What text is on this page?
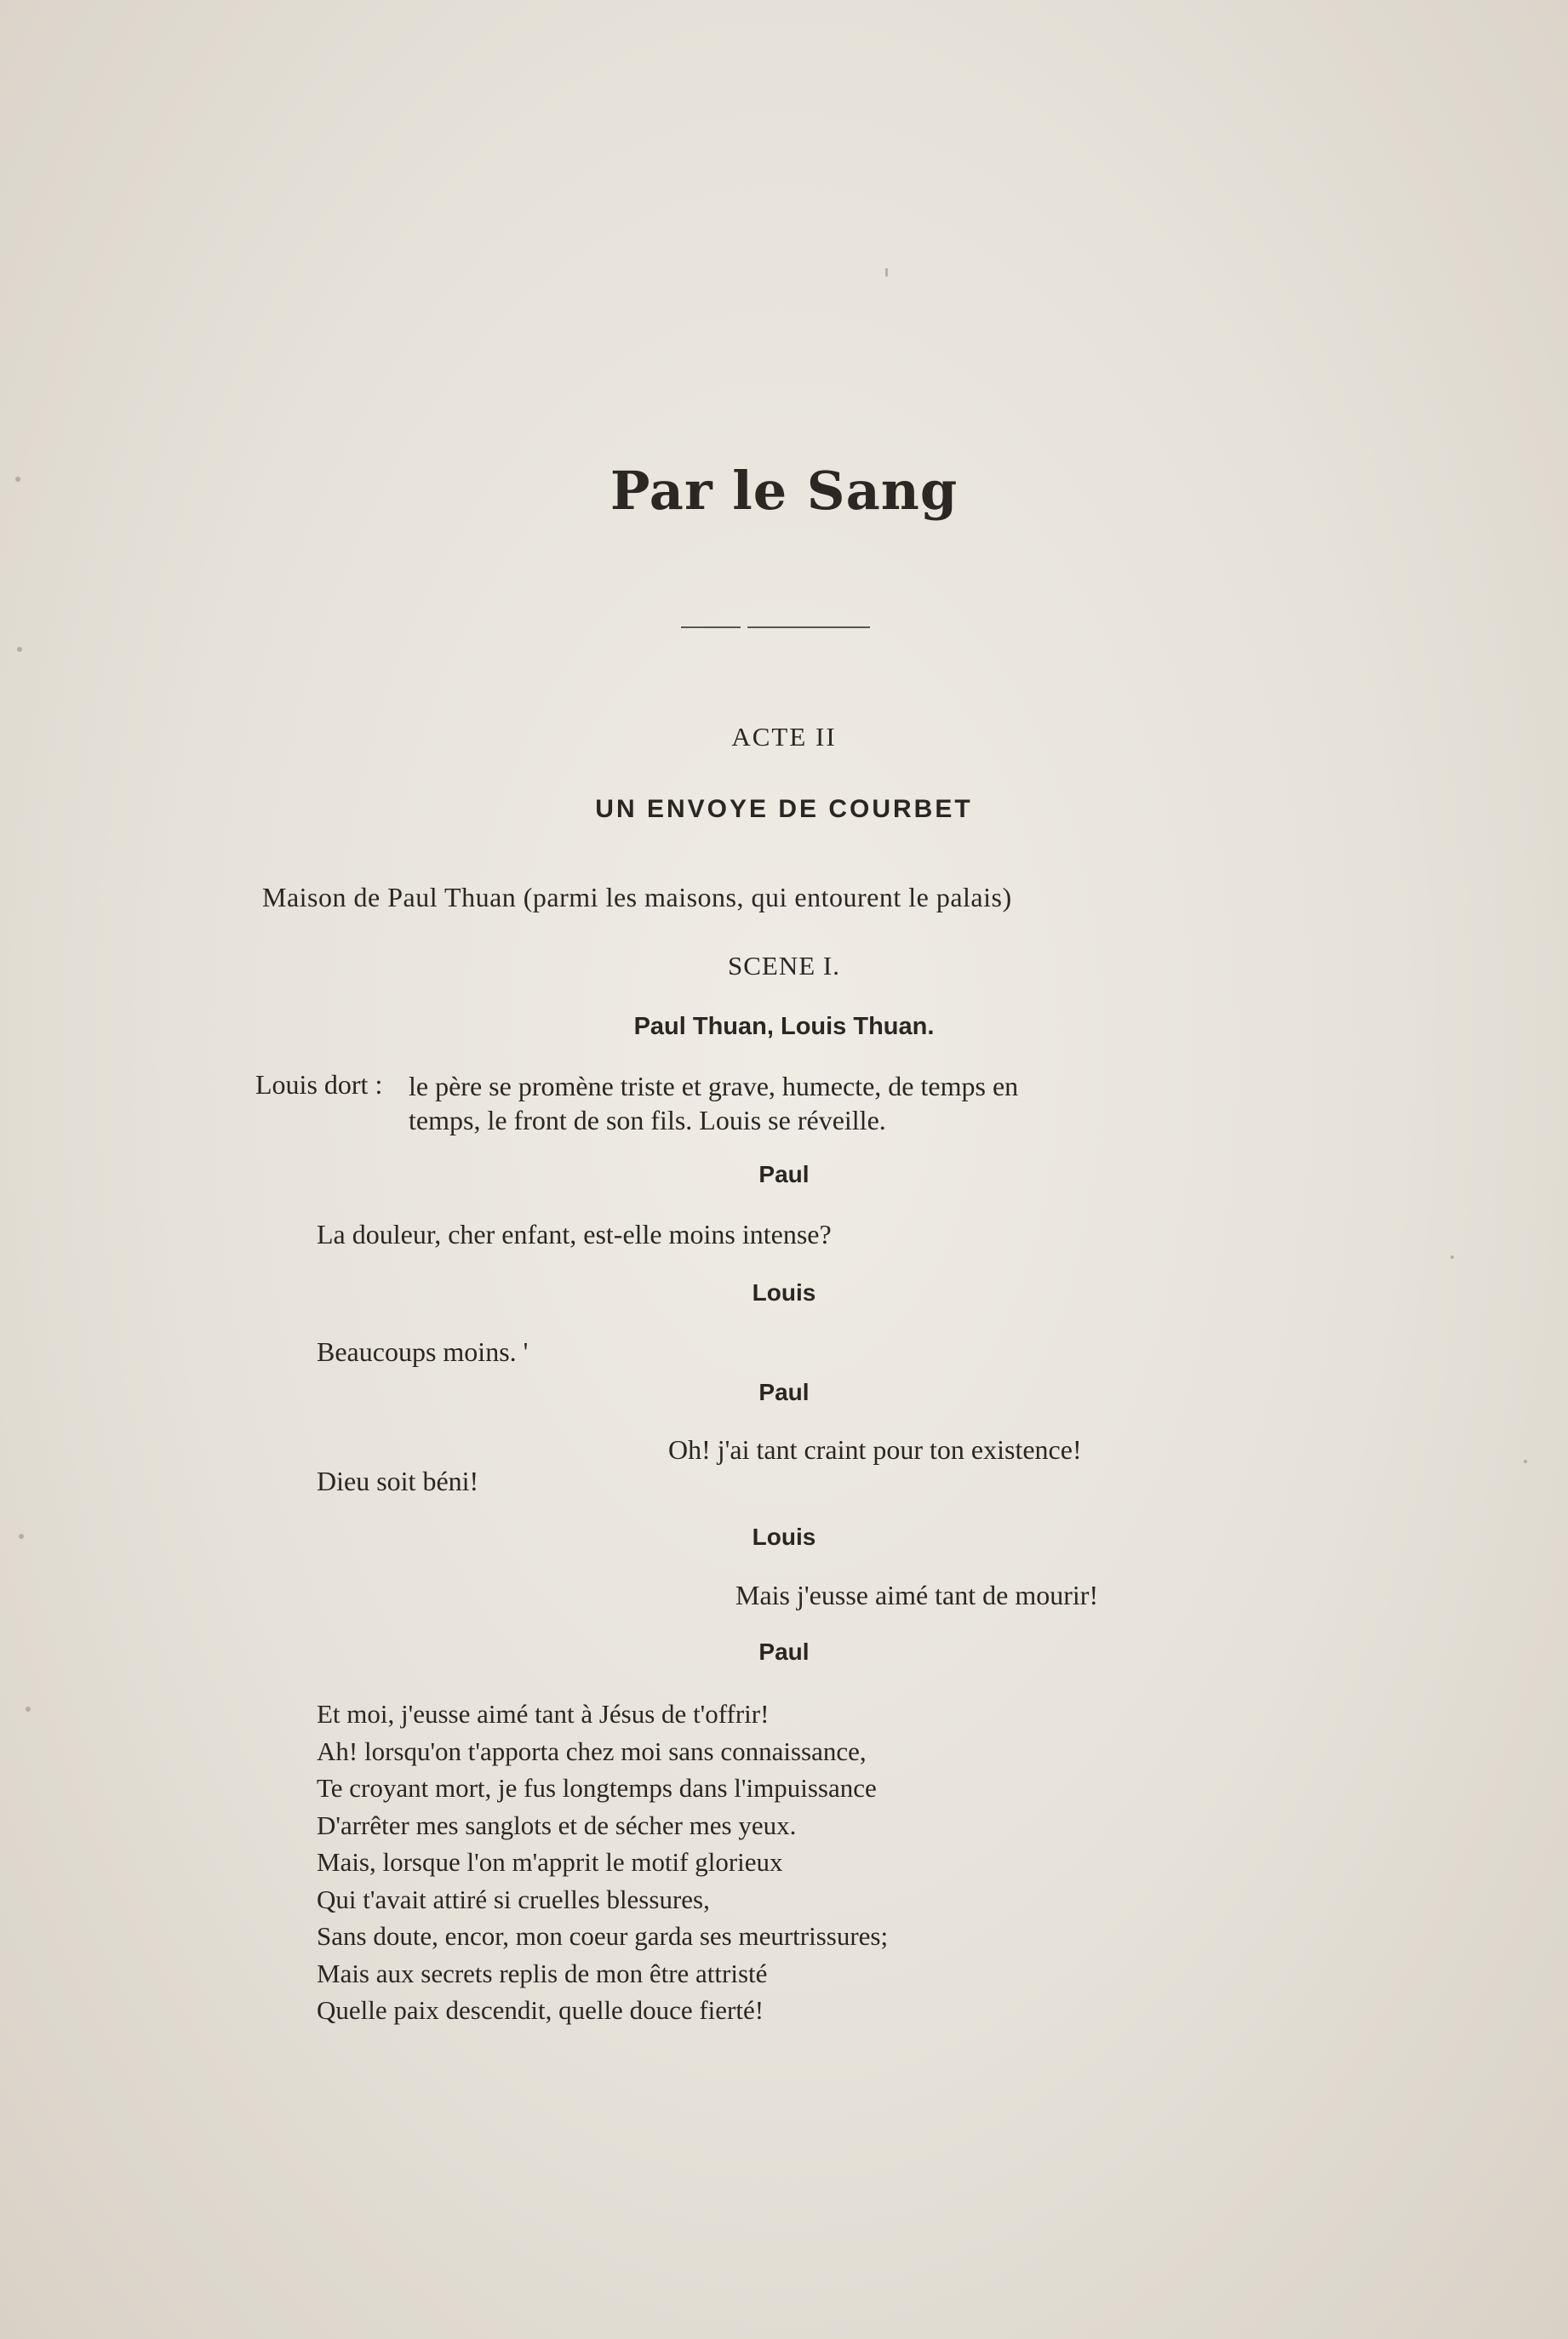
Par le Sang
ACTE II
UN ENVOYE DE COURBET
Maison de Paul Thuan (parmi les maisons, qui entourent le palais)
SCENE I.
Paul Thuan, Louis Thuan.
Louis dort : le père se promène triste et grave, humecte, de temps en
temps, le front de son fils. Louis se réveille.
Paul
La douleur, cher enfant, est-elle moins intense?
Louis
Beaucoups moins. '
Paul
Oh! j'ai tant craint pour ton existence!
Dieu soit béni!
Louis
Mais j'eusse aimé tant de mourir!
Paul
Et moi, j'eusse aimé tant à Jésus de t'offrir!
Ah! lorsqu'on t'apporta chez moi sans connaissance,
Te croyant mort, je fus longtemps dans l'impuissance
D'arrêter mes sanglots et de sécher mes yeux.
Mais, lorsque l'on m'apprit le motif glorieux
Qui t'avait attiré si cruelles blessures,
Sans doute, encor, mon coeur garda ses meurtrissures;
Mais aux secrets replis de mon être attristé
Quelle paix descendit, quelle douce fierté!
